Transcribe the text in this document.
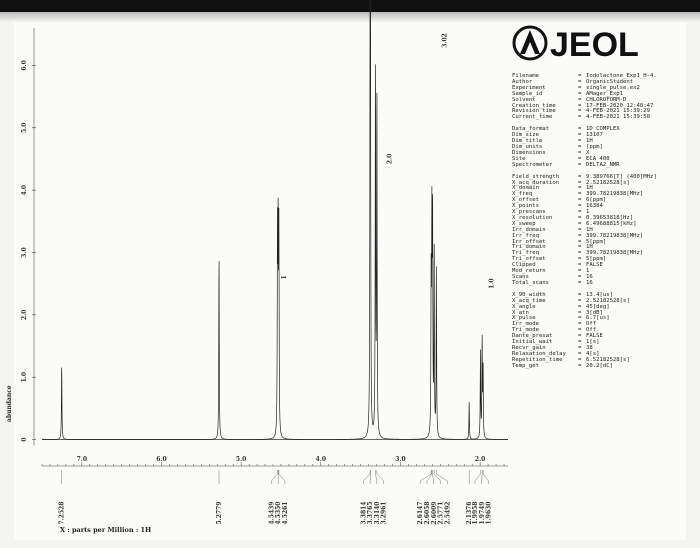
7.0	6.0	5.0	4.0	3.0	2.0
0
1.0
2.0
3.0
4.0
5.0
6.0
1
2.0
3.02
1.0
7.2528	5.2779	4.5439 4.5350 4.5261	3.3814 3.3765 3.3140 3.2961	2.6147 2.6058 2.6009 2.5771 2.5492 2.1376
1.9958 1.9749 1.9630
JEOL
Filename	= Iodolactone_Exp1_H-4.
Author	= OrganicStudent
Experiment	= single_pulse.ex2
Sample_id	= AMager_Exp1
Solvent	= CHLOROFORM-D
Creation_time	= 17-FEB-2020 12:48:47
Revision_time	= 4-FEB-2021 15:39:29
Current_time	= 4-FEB-2021 15:39:58
Data_format	= 1D COMPLEX
Dim_size	= 13107
Dim_title	= 1H
Dim_units	= [ppm]
Dimensions	= X
Site	= ECA 400
Spectrometer	= DELTA2_NMR
Field_strength	= 9.389766[T] (400[MHz]
X_acq_duration	= 2.52182528[s]
X_domain	= 1H
X_freq	= 399.78219838[MHz]
X_offset	= 6[ppm]
X_points	= 16384
X_prescans	= 1
X_resolution	= 0.39653818[Hz]
X_sweep	= 6.49688815[kHz]
Irr_domain	= 1H
Irr_freq	= 399.78219838[MHz]
Irr_offset	= 5[ppm]
Tri_domain	= 1H
Tri_freq	= 399.78219838[MHz]
Tri_offset	= 5[ppm]
Clipped	= FALSE
Mod_return	= 1
Scans	= 16
Total_scans	= 16
X_90_width	= 13.4[us]
X_acq_time	= 2.52182528[s]
X_angle	= 45[deg]
X_atn	= 3[dB]
X_pulse	= 6.7[us]
Irr_mode	= Off
Tri_mode	= Off
Dante_presat	= FALSE
Initial_wait	= 1[s]
Recvr_gain	= 38
Relaxation_delay	= 4[s]
Repetition_time	= 6.52182528[s]
Temp_get	= 20.2[dC]
X : parts per Million : 1H
abundance
